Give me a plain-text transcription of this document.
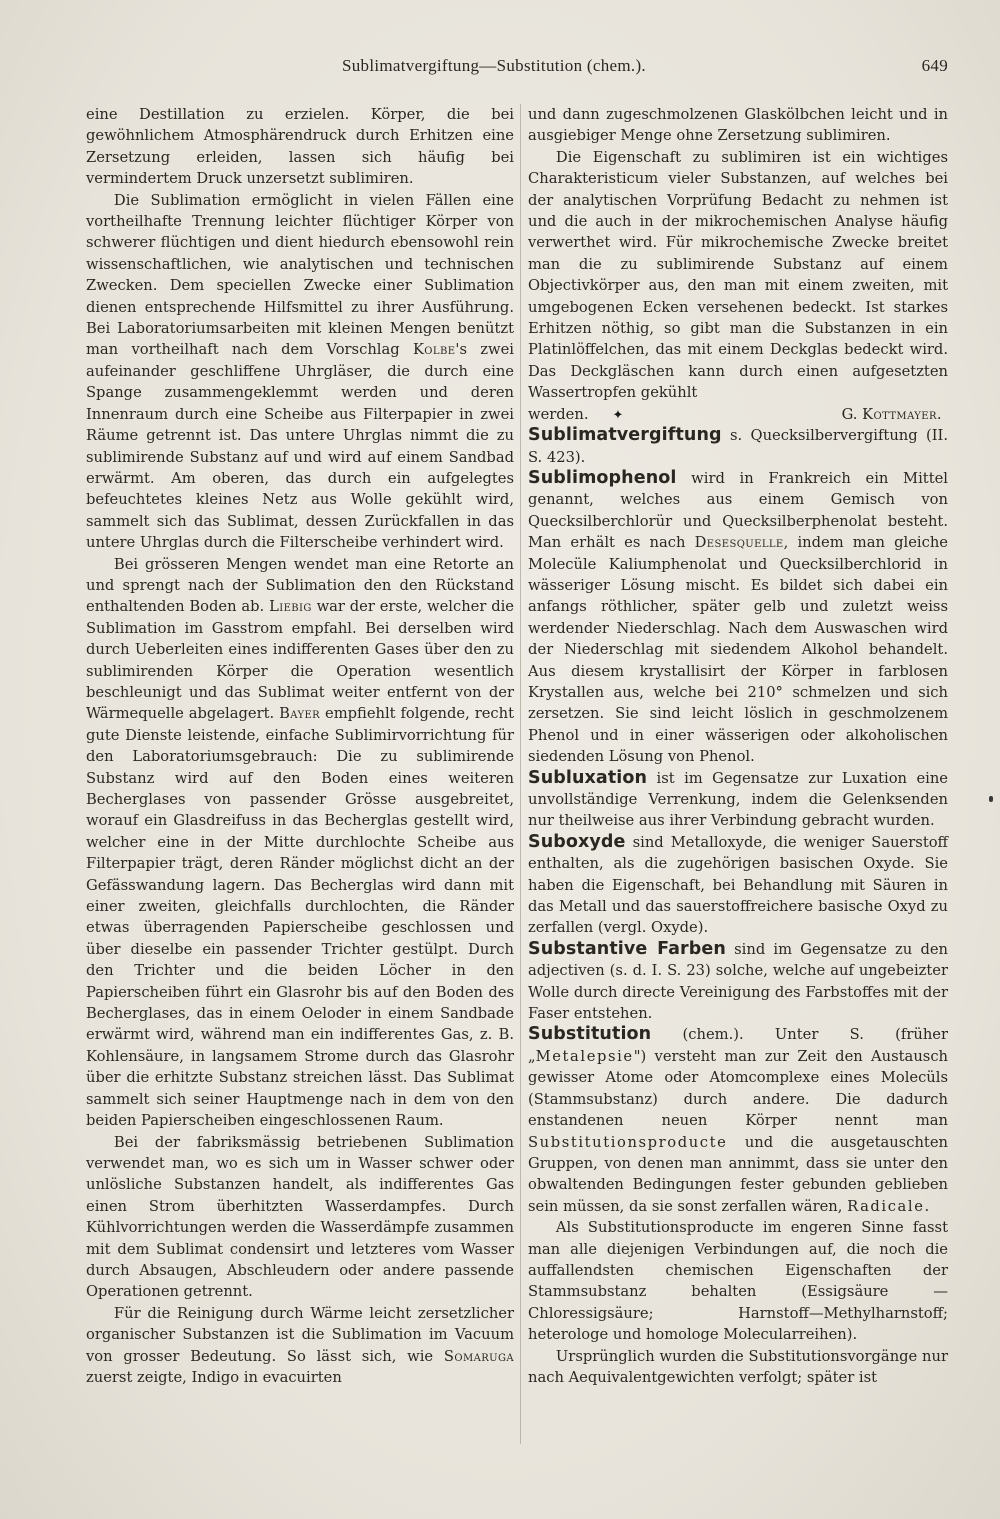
Sublimatvergiftung—Substitution (chem.).	649

eine Destillation zu erzielen. Körper, die bei gewöhnlichem Atmosphärendruck durch Erhitzen eine Zersetzung erleiden, lassen sich häufig bei vermindertem Druck unzersetzt sublimiren.

Die Sublimation ermöglicht in vielen Fällen eine vortheilhafte Trennung leichter flüchtiger Körper von schwerer flüchtigen und dient hiedurch ebensowohl rein wissenschaftlichen, wie analytischen und technischen Zwecken. Dem speciellen Zwecke einer Sublimation dienen entsprechende Hilfsmittel zu ihrer Ausführung. Bei Laboratoriumsarbeiten mit kleinen Mengen benützt man vortheilhaft nach dem Vorschlag Kolbe's zwei aufeinander geschliffene Uhrgläser, die durch eine Spange zusammengeklemmt werden und deren Innenraum durch eine Scheibe aus Filterpapier in zwei Räume getrennt ist. Das untere Uhrglas nimmt die zu sublimirende Substanz auf und wird auf einem Sandbad erwärmt. Am oberen, das durch ein aufgelegtes befeuchtetes kleines Netz aus Wolle gekühlt wird, sammelt sich das Sublimat, dessen Zurückfallen in das untere Uhrglas durch die Filterscheibe verhindert wird.

Bei grösseren Mengen wendet man eine Retorte an und sprengt nach der Sublimation den den Rückstand enthaltenden Boden ab. Liebig war der erste, welcher die Sublimation im Gasstrom empfahl. Bei derselben wird durch Ueberleiten eines indifferenten Gases über den zu sublimirenden Körper die Operation wesentlich beschleunigt und das Sublimat weiter entfernt von der Wärmequelle abgelagert. Bayer empfiehlt folgende, recht gute Dienste leistende, einfache Sublimirvorrichtung für den Laboratoriumsgebrauch: Die zu sublimirende Substanz wird auf den Boden eines weiteren Becherglases von passender Grösse ausgebreitet, worauf ein Glasdreifuss in das Becherglas gestellt wird, welcher eine in der Mitte durchlochte Scheibe aus Filterpapier trägt, deren Ränder möglichst dicht an der Gefässwandung lagern. Das Becherglas wird dann mit einer zweiten, gleichfalls durchlochten, die Ränder etwas überragenden Papierscheibe geschlossen und über dieselbe ein passender Trichter gestülpt. Durch den Trichter und die beiden Löcher in den Papierscheiben führt ein Glasrohr bis auf den Boden des Becherglases, das in einem Oeloder in einem Sandbade erwärmt wird, während man ein indifferentes Gas, z. B. Kohlensäure, in langsamem Strome durch das Glasrohr über die erhitzte Substanz streichen lässt. Das Sublimat sammelt sich seiner Hauptmenge nach in dem von den beiden Papierscheiben eingeschlossenen Raum.

Bei der fabriksmässig betriebenen Sublimation verwendet man, wo es sich um in Wasser schwer oder unlösliche Substanzen handelt, als indifferentes Gas einen Strom überhitzten Wasserdampfes. Durch Kühlvorrichtungen werden die Wasserdämpfe zusammen mit dem Sublimat condensirt und letzteres vom Wasser durch Absaugen, Abschleudern oder andere passende Operationen getrennt.

Für die Reinigung durch Wärme leicht zersetzlicher organischer Substanzen ist die Sublimation im Vacuum von grosser Bedeutung. So lässt sich, wie Somaruga zuerst zeigte, Indigo in evacuirten

und dann zugeschmolzenen Glaskölbchen leicht und in ausgiebiger Menge ohne Zersetzung sublimiren.

Die Eigenschaft zu sublimiren ist ein wichtiges Charakteristicum vieler Substanzen, auf welches bei der analytischen Vorprüfung Bedacht zu nehmen ist und die auch in der mikrochemischen Analyse häufig verwerthet wird. Für mikrochemische Zwecke breitet man die zu sublimirende Substanz auf einem Objectivkörper aus, den man mit einem zweiten, mit umgebogenen Ecken versehenen bedeckt. Ist starkes Erhitzen nöthig, so gibt man die Substanzen in ein Platinlöffelchen, das mit einem Deckglas bedeckt wird. Das Deckgläschen kann durch einen aufgesetzten Wassertropfen gekühlt

werden. ✦	G. Kottmayer.

Sublimatvergiftung s. Quecksilbervergiftung (II. S. 423).

Sublimophenol wird in Frankreich ein Mittel genannt, welches aus einem Gemisch von Quecksilberchlorür und Quecksilberphenolat besteht. Man erhält es nach Desesquelle, indem man gleiche Molecüle Kaliumphenolat und Quecksilberchlorid in wässeriger Lösung mischt. Es bildet sich dabei ein anfangs röthlicher, später gelb und zuletzt weiss werdender Niederschlag. Nach dem Auswaschen wird der Niederschlag mit siedendem Alkohol behandelt. Aus diesem krystallisirt der Körper in farblosen Krystallen aus, welche bei 210° schmelzen und sich zersetzen. Sie sind leicht löslich in geschmolzenem Phenol und in einer wässerigen oder alkoholischen siedenden Lösung von Phenol.

Subluxation ist im Gegensatze zur Luxation eine unvollständige Verrenkung, indem die Gelenksenden nur theilweise aus ihrer Verbindung gebracht wurden.

Suboxyde sind Metalloxyde, die weniger Sauerstoff enthalten, als die zugehörigen basischen Oxyde. Sie haben die Eigenschaft, bei Behandlung mit Säuren in das Metall und das sauerstoffreichere basische Oxyd zu zerfallen (vergl. Oxyde).

Substantive Farben sind im Gegensatze zu den adjectiven (s. d. I. S. 23) solche, welche auf ungebeizter Wolle durch directe Vereinigung des Farbstoffes mit der Faser entstehen.

Substitution (chem.). Unter S. (früher „Metalepsie") versteht man zur Zeit den Austausch gewisser Atome oder Atomcomplexe eines Molecüls (Stammsubstanz) durch andere. Die dadurch enstandenen neuen Körper nennt man Substitutionsproducte und die ausgetauschten Gruppen, von denen man annimmt, dass sie unter den obwaltenden Bedingungen fester gebunden geblieben sein müssen, da sie sonst zerfallen wären, Radicale.

Als Substitutionsproducte im engeren Sinne fasst man alle diejenigen Verbindungen auf, die noch die auffallendsten chemischen Eigenschaften der Stammsubstanz behalten (Essigsäure — Chloressigsäure; Harnstoff—Methylharnstoff; heterologe und homologe Molecularreihen).

Ursprünglich wurden die Substitutionsvorgänge nur nach Aequivalentgewichten verfolgt; später ist
